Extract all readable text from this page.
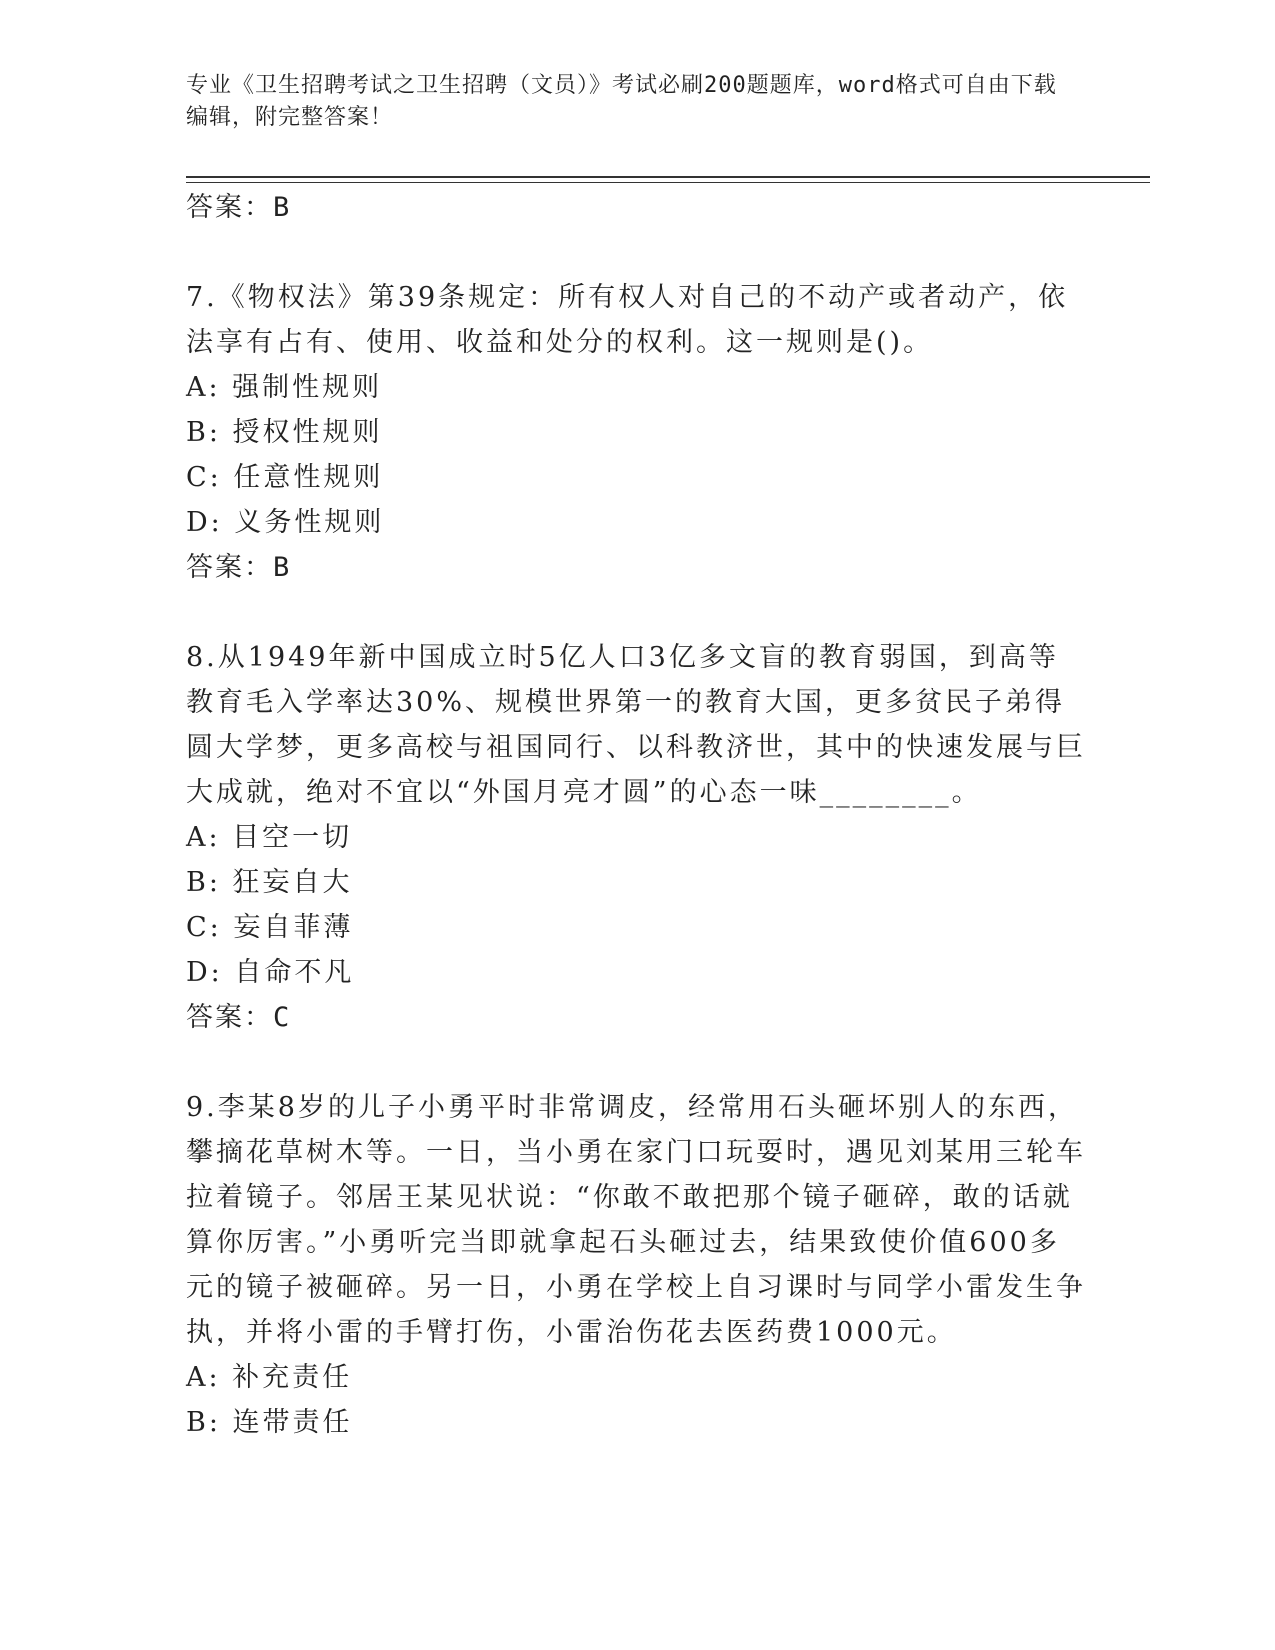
专业《卫生招聘考试之卫生招聘（文员）》考试必刷200题题库，word格式可自由下载编辑，附完整答案！
答案：B
7.《物权法》第39条规定：所有权人对自己的不动产或者动产，依法享有占有、使用、收益和处分的权利。这一规则是()。
A: 强制性规则
B: 授权性规则
C: 任意性规则
D: 义务性规则
答案：B
8.从1949年新中国成立时5亿人口3亿多文盲的教育弱国，到高等教育毛入学率达30%、规模世界第一的教育大国，更多贫民子弟得圆大学梦，更多高校与祖国同行、以科教济世，其中的快速发展与巨大成就，绝对不宜以“外国月亮才圆”的心态一味________。
A: 目空一切
B: 狂妄自大
C: 妄自菲薄
D: 自命不凡
答案：C
9.李某8岁的儿子小勇平时非常调皮，经常用石头砸坏别人的东西，攀摘花草树木等。一日，当小勇在家门口玩耍时，遇见刘某用三轮车拉着镜子。邻居王某见状说：“你敢不敢把那个镜子砸碎，敢的话就算你厉害。”小勇听完当即就拿起石头砸过去，结果致使价值600多元的镜子被砸碎。另一日，小勇在学校上自习课时与同学小雷发生争执，并将小雷的手臂打伤，小雷治伤花去医药费1000元。
A: 补充责任
B: 连带责任
